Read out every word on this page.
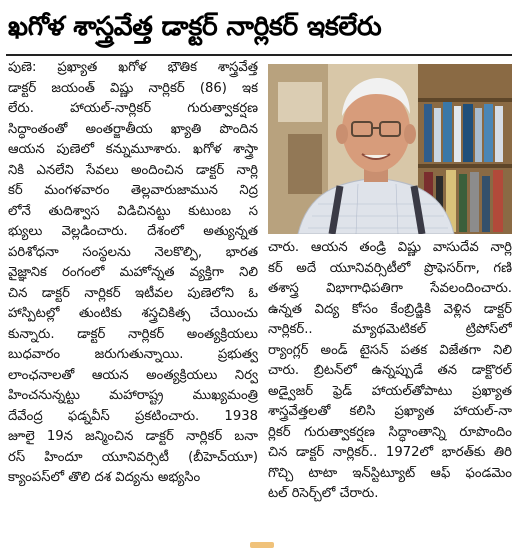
ఖగోళ శాస్త్రవేత్త డాక్టర్ నార్లికర్ ఇకలేరు
పుణె: ప్రఖ్యాత ఖగోళ భౌతిక శాస్త్రవేత్త
డాక్టర్ జయంత్ విష్ణు నార్లికర్ (86) ఇక
లేరు. హాయల్-నార్లికర్ గురుత్వాకర్షణ
సిద్ధాంతంతో అంతర్జాతీయ ఖ్యాతి పొందిన
ఆయన పుణెలో కన్నుమూశారు. ఖగోళ శాస్త్రా
నికి ఎనలేని సేవలు అందించిన డాక్టర్ నార్లి
కర్ మంగళవారం తెల్లవారుజామున నిద్ర
లోనే తుదిశ్వాస విడిచినట్టు కుటుంబ స
భ్యులు వెల్లడించారు. దేశంలో అత్యున్నత
పరిశోధనా సంస్థలను నెలకొల్పి, భారత
వైజ్ఞానిక రంగంలో మహోన్నత వ్యక్తిగా నిలి
చిన డాక్టర్ నార్లికర్ ఇటీవల పుణెలోని ఓ
హాస్పిటల్లో తుంటికు శస్త్రచికిత్స చేయించు
కున్నారు. డాక్టర్ నార్లికర్ అంత్యక్రియలు
బుధవారం జరుగుతున్నాయి. ప్రభుత్వ
లాంఛనాలతో ఆయన అంత్యక్రియలు నిర్వ
హించనున్నట్టు మహారాష్ట్ర ముఖ్యమంత్రి
దేవేంద్ర ఫడ్నవీస్ ప్రకటించారు. 1938
జూలై 19న జన్మించిన డాక్టర్ నార్లికర్ బనా
రస్ హిందూ యూనివర్సిటీ (బీహెచ్‌యూ)
క్యాంపస్‌లో తొలి దశ విద్యను అభ్యసిం
చారు. ఆయన తండ్రి విష్ణు వాసుదేవ నార్లి
కర్ అదే యూనివర్సిటీలో ప్రొఫెసర్‌గా, గణి
తశాస్త్ర విభాగాధిపతిగా సేవలందించారు.
ఉన్నత విద్య కోసం కేంబ్రిడ్జికి వెళ్లిన డాక్టర్
నార్లికర్.. మ్యాథమెటికల్ ట్రిపోస్‌లో
ర్యాంగ్లర్ అండ్ టైసన్ పతక విజేతగా నిలి
చారు. బ్రిటన్‌లో ఉన్నప్పుడే తన డాక్టొరల్
అడ్వైజర్ ఫ్రెడ్ హాయల్‌తోపాటు ప్రఖ్యాత
శాస్త్రవేత్తలతో కలిసి ప్రఖ్యాత హాయల్-నా
ర్లికర్ గురుత్వాకర్షణ సిద్ధాంతాన్ని రూపొందిం
చిన డాక్టర్ నార్లికర్.. 1972లో భారత్‌కు తిరి
గొచ్చి టాటా ఇన్‌స్టిట్యూట్ ఆఫ్ ఫండమెం
టల్ రిసెర్చ్‌లో చేరారు.
